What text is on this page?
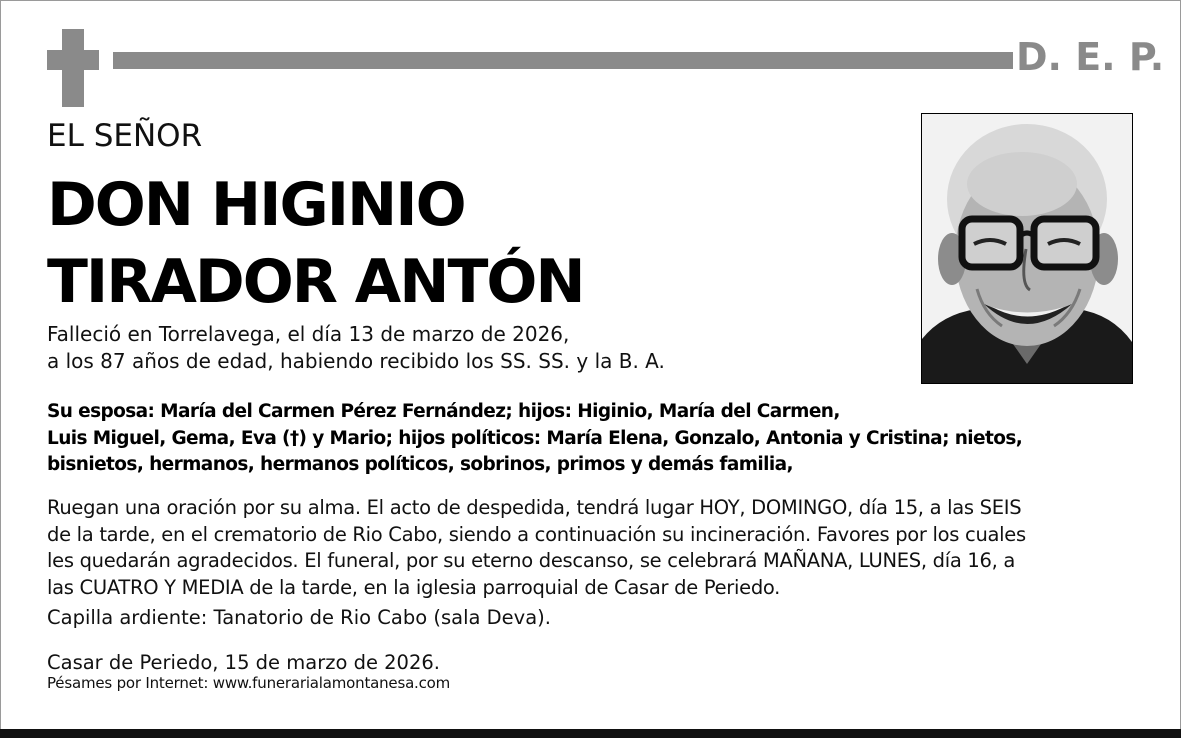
D. E. P.
EL SEÑOR
DON HIGINIO
TIRADOR ANTÓN
Falleció en Torrelavega, el día 13 de marzo de 2026,
a los 87 años de edad, habiendo recibido los SS. SS. y la B. A.
Su esposa: María del Carmen Pérez Fernández; hijos: Higinio, María del Carmen,
Luis Miguel, Gema, Eva (†) y Mario; hijos políticos: María Elena, Gonzalo, Antonia y Cristina; nietos,
bisnietos, hermanos, hermanos políticos, sobrinos, primos y demás familia,
Ruegan una oración por su alma. El acto de despedida, tendrá lugar HOY, DOMINGO, día 15, a las SEIS
de la tarde, en el crematorio de Rio Cabo, siendo a continuación su incineración. Favores por los cuales
les quedarán agradecidos. El funeral, por su eterno descanso, se celebrará MAÑANA, LUNES, día 16, a
las CUATRO Y MEDIA de la tarde, en la iglesia parroquial de Casar de Periedo.
Capilla ardiente: Tanatorio de Rio Cabo (sala Deva).
Casar de Periedo, 15 de marzo de 2026.
Pésames por Internet: www.funerarialamontanesa.com
